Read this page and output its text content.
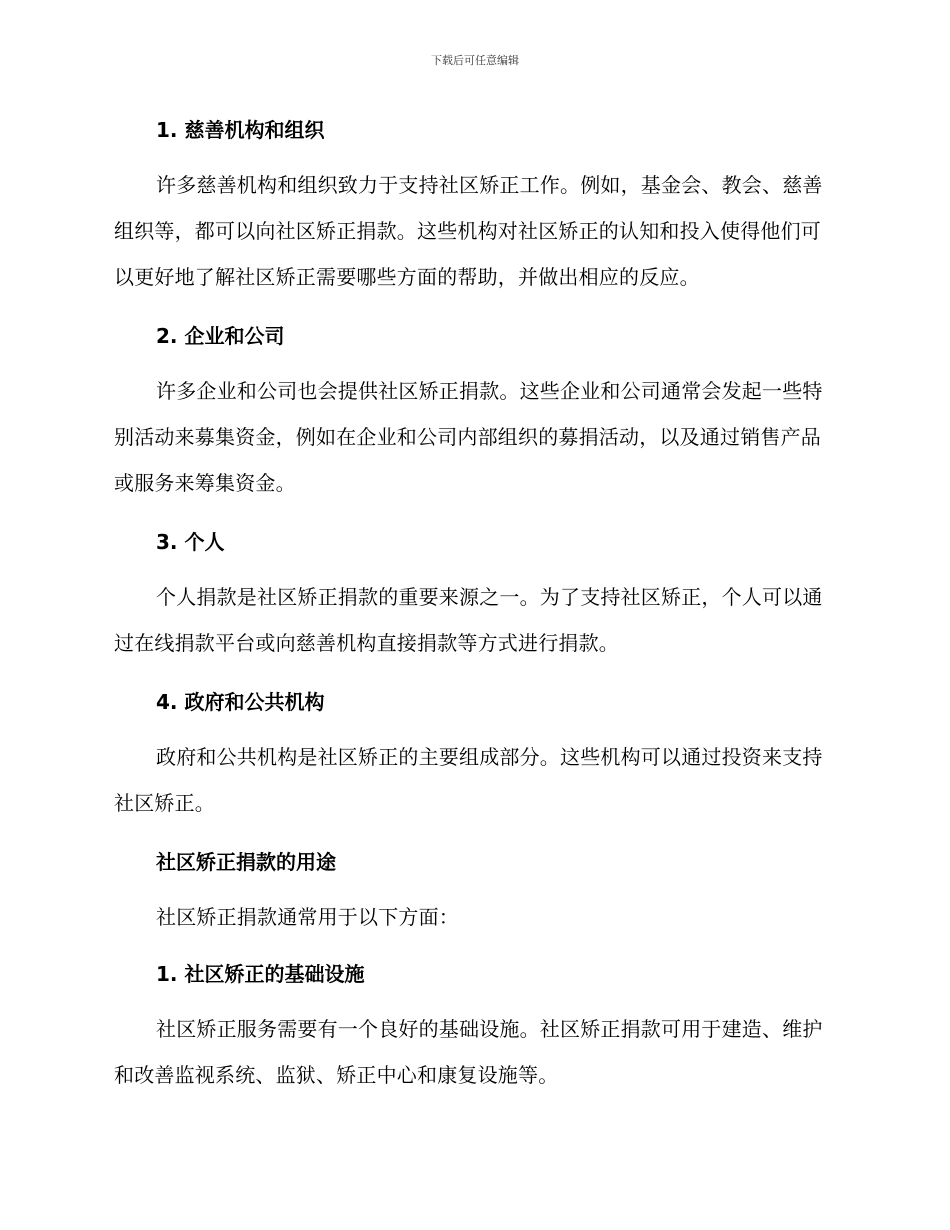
下载后可任意编辑
1. 慈善机构和组织

许多慈善机构和组织致力于支持社区矫正工作。例如，基金会、教会、慈善组织等，都可以向社区矫正捐款。这些机构对社区矫正的认知和投入使得他们可以更好地了解社区矫正需要哪些方面的帮助，并做出相应的反应。

2. 企业和公司

许多企业和公司也会提供社区矫正捐款。这些企业和公司通常会发起一些特别活动来募集资金，例如在企业和公司内部组织的募捐活动，以及通过销售产品或服务来筹集资金。

3. 个人

个人捐款是社区矫正捐款的重要来源之一。为了支持社区矫正，个人可以通过在线捐款平台或向慈善机构直接捐款等方式进行捐款。

4. 政府和公共机构

政府和公共机构是社区矫正的主要组成部分。这些机构可以通过投资来支持社区矫正。

社区矫正捐款的用途

社区矫正捐款通常用于以下方面：

1. 社区矫正的基础设施

社区矫正服务需要有一个良好的基础设施。社区矫正捐款可用于建造、维护和改善监视系统、监狱、矫正中心和康复设施等。
